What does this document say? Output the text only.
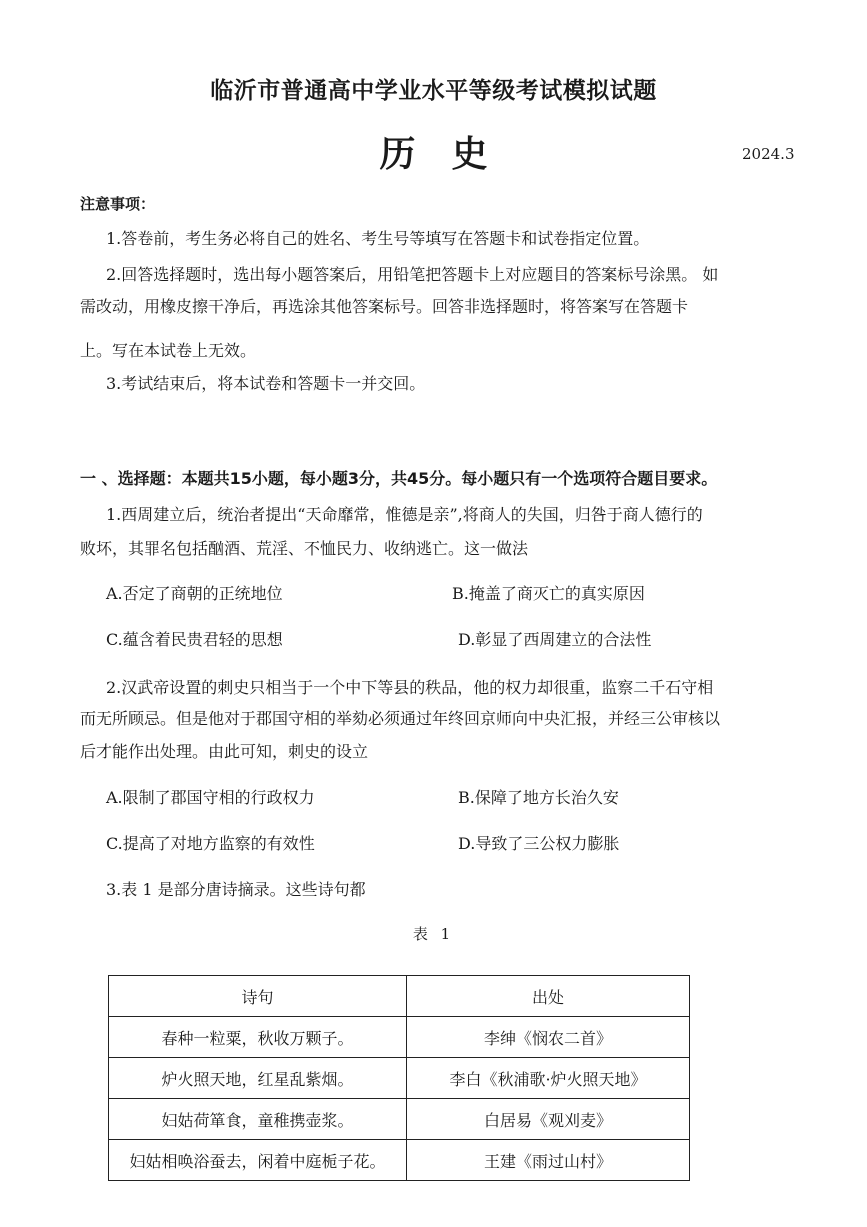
临沂市普通高中学业水平等级考试模拟试题
历史	2024.3
注意事项：
1.答卷前，考生务必将自己的姓名、考生号等填写在答题卡和试卷指定位置。
2.回答选择题时，选出每小题答案后，用铅笔把答题卡上对应题目的答案标号涂黑。 如
需改动，用橡皮擦干净后，再选涂其他答案标号。回答非选择题时，将答案写在答题卡
上。写在本试卷上无效。
3.考试结束后，将本试卷和答题卡一并交回。
一 、选择题：本题共15小题，每小题3分，共45分。每小题只有一个选项符合题目要求。
1.西周建立后，统治者提出“天命靡常，惟德是亲”,将商人的失国，归咎于商人德行的
败坏，其罪名包括酗酒、荒淫、不恤民力、收纳逃亡。这一做法
A.否定了商朝的正统地位	B.掩盖了商灭亡的真实原因
C.蕴含着民贵君轻的思想	D.彰显了西周建立的合法性
2.汉武帝设置的刺史只相当于一个中下等县的秩品，他的权力却很重，监察二千石守相
而无所顾忌。但是他对于郡国守相的举劾必须通过年终回京师向中央汇报，并经三公审核以
后才能作出处理。由此可知，刺史的设立
A.限制了郡国守相的行政权力	B.保障了地方长治久安
C.提高了对地方监察的有效性	D.导致了三公权力膨胀
3.表 1 是部分唐诗摘录。这些诗句都
表 1
诗句	出处
春种一粒粟，秋收万颗子。	李绅《悯农二首》
炉火照天地，红星乱紫烟。	李白《秋浦歌·炉火照天地》
妇姑荷箪食，童稚携壶浆。	白居易《观刈麦》
妇姑相唤浴蚕去，闲着中庭栀子花。	王建《雨过山村》
